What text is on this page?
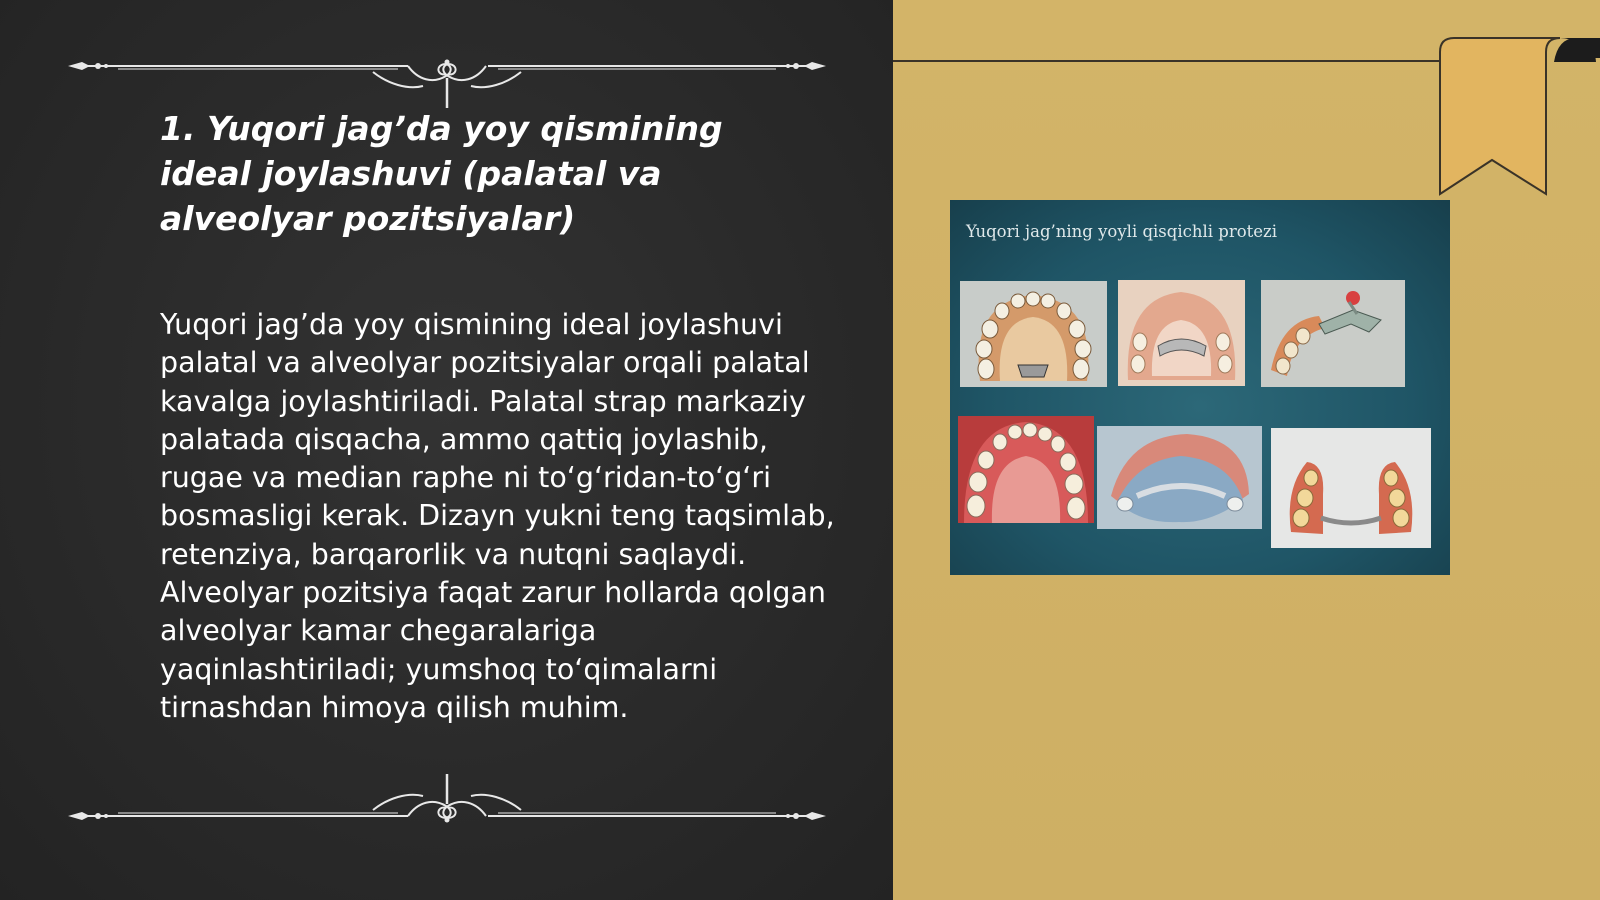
1. Yuqori jag’da yoy qismining ideal joylashuvi (palatal va alveolyar pozitsiyalar)

Yuqori jag’da yoy qismining ideal joylashuvi palatal va alveolyar pozitsiyalar orqali palatal kavalga joylashtiriladi. Palatal strap markaziy palatada qisqacha, ammo qattiq joylashib, rugae va median raphe ni to‘g‘ridan-to‘g‘ri bosmasligi kerak. Dizayn yukni teng taqsimlab, retenziya, barqarorlik va nutqni saqlaydi. Alveolyar pozitsiya faqat zarur hollarda qolgan alveolyar kamar chegaralariga yaqinlashtiriladi; yumshoq to‘qimalarni tirnashdan himoya qilish muhim.

Yuqori jag’ning yoyli qisqichli protezi
